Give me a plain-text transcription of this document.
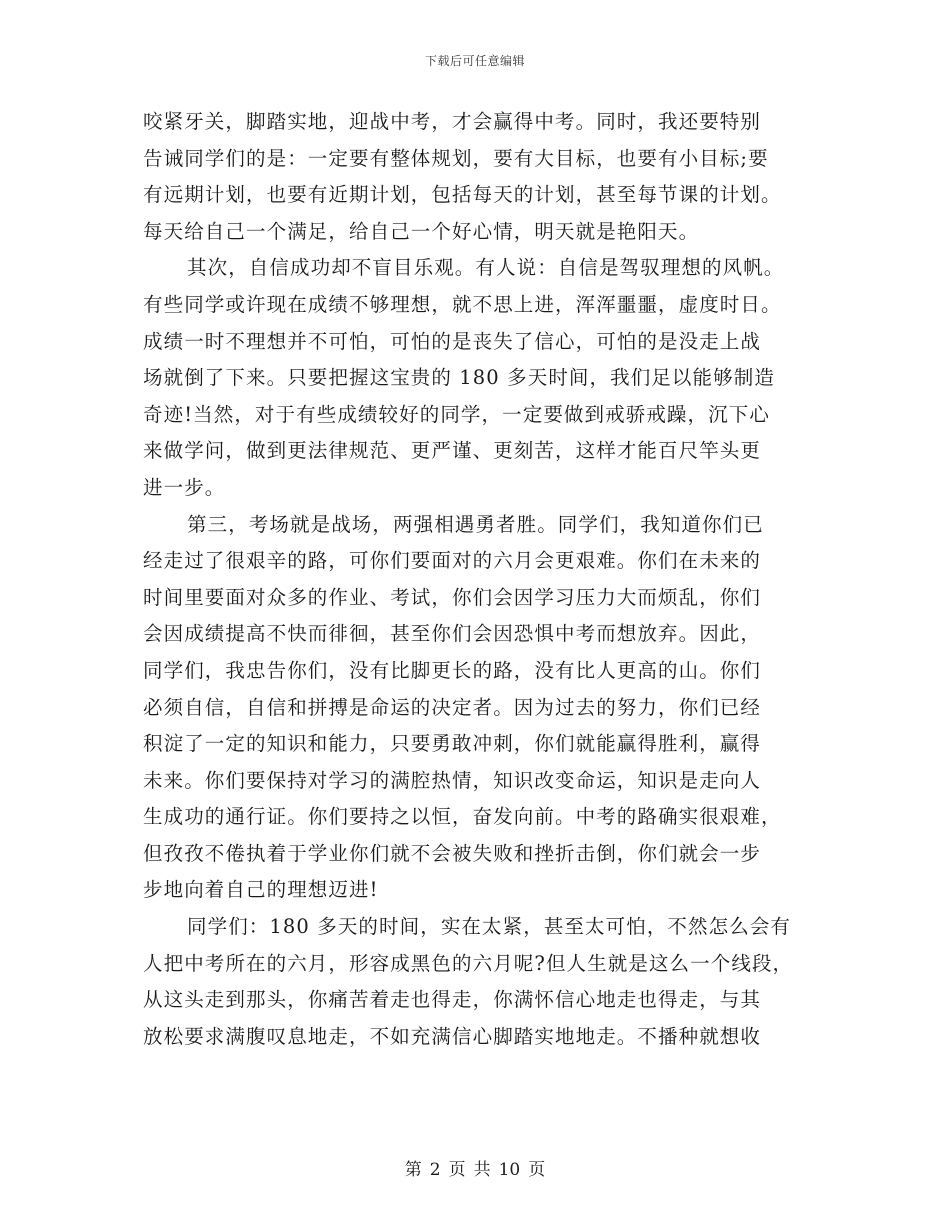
下载后可任意编辑
咬紧牙关，脚踏实地，迎战中考，才会赢得中考。同时，我还要特别
告诫同学们的是：一定要有整体规划，要有大目标，也要有小目标;要
有远期计划，也要有近期计划，包括每天的计划，甚至每节课的计划。
每天给自己一个满足，给自己一个好心情，明天就是艳阳天。
其次，自信成功却不盲目乐观。有人说：自信是驾驭理想的风帆。
有些同学或许现在成绩不够理想，就不思上进，浑浑噩噩，虚度时日。
成绩一时不理想并不可怕，可怕的是丧失了信心，可怕的是没走上战
场就倒了下来。只要把握这宝贵的 180 多天时间，我们足以能够制造
奇迹!当然，对于有些成绩较好的同学，一定要做到戒骄戒躁，沉下心
来做学问，做到更法律规范、更严谨、更刻苦，这样才能百尺竿头更
进一步。
第三，考场就是战场，两强相遇勇者胜。同学们，我知道你们已
经走过了很艰辛的路，可你们要面对的六月会更艰难。你们在未来的
时间里要面对众多的作业、考试，你们会因学习压力大而烦乱，你们
会因成绩提高不快而徘徊，甚至你们会因恐惧中考而想放弃。因此，
同学们，我忠告你们，没有比脚更长的路，没有比人更高的山。你们
必须自信，自信和拼搏是命运的决定者。因为过去的努力，你们已经
积淀了一定的知识和能力，只要勇敢冲刺，你们就能赢得胜利，赢得
未来。你们要保持对学习的满腔热情，知识改变命运，知识是走向人
生成功的通行证。你们要持之以恒，奋发向前。中考的路确实很艰难，
但孜孜不倦执着于学业你们就不会被失败和挫折击倒，你们就会一步
步地向着自己的理想迈进!
同学们：180 多天的时间，实在太紧，甚至太可怕，不然怎么会有
人把中考所在的六月，形容成黑色的六月呢?但人生就是这么一个线段，
从这头走到那头，你痛苦着走也得走，你满怀信心地走也得走，与其
放松要求满腹叹息地走，不如充满信心脚踏实地地走。不播种就想收
第 2 页 共 10 页
